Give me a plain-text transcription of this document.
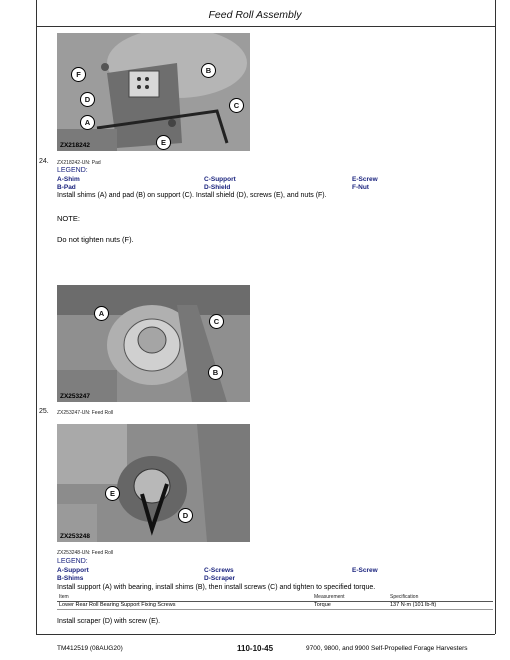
Feed Roll Assembly
ZX218242
F	B
D
C
A
E
24. ZX218242-UN: Pad
LEGEND:
A-Shim	C-Support	E-Screw
B-Pad	D-Shield	F-Nut
Install shims (A) and pad (B) on support (C). Install shield (D), screws (E), and nuts (F).
NOTE:
Do not tighten nuts (F).
ZX253247
A
C
B
25. ZX253247-UN: Feed Roll
ZX253248
E
D
ZX253248-UN: Feed Roll
LEGEND:
A-Support	C-Screws	E-Screw
B-Shims	D-Scraper
Install support (A) with bearing, install shims (B), then install screws (C) and tighten to specified torque.
Item	Measurement	Specification
Lower Rear Roll Bearing Support Fixing Screws	Torque	137 N·m (101 lb-ft)
Install scraper (D) with screw (E).
TM412519 (08AUG20)	110-10-45	9700, 9800, and 9900 Self-Propelled Forage Harvesters
